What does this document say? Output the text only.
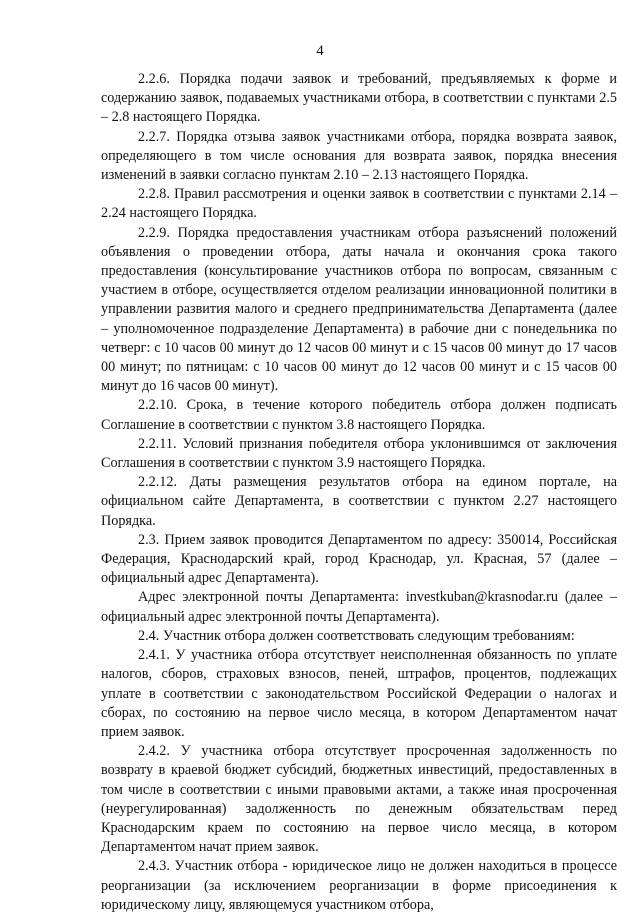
4

2.2.6. Порядка подачи заявок и требований, предъявляемых к форме и содержанию заявок, подаваемых участниками отбора, в соответствии с пунктами 2.5 – 2.8 настоящего Порядка.

2.2.7. Порядка отзыва заявок участниками отбора, порядка возврата заявок, определяющего в том числе основания для возврата заявок, порядка внесения изменений в заявки согласно пунктам 2.10 – 2.13 настоящего Порядка.

2.2.8. Правил рассмотрения и оценки заявок в соответствии с пунктами 2.14 – 2.24 настоящего Порядка.

2.2.9. Порядка предоставления участникам отбора разъяснений положений объявления о проведении отбора, даты начала и окончания срока такого предоставления (консультирование участников отбора по вопросам, связанным с участием в отборе, осуществляется отделом реализации инновационной политики в управлении развития малого и среднего предпринимательства Департамента (далее – уполномоченное подразделение Департамента) в рабочие дни с понедельника по четверг: с 10 часов 00 минут до 12 часов 00 минут и с 15 часов 00 минут до 17 часов 00 минут; по пятницам: с 10 часов 00 минут до 12 часов 00 минут и с 15 часов 00 минут до 16 часов 00 минут).

2.2.10. Срока, в течение которого победитель отбора должен подписать Соглашение в соответствии с пунктом 3.8 настоящего Порядка.

2.2.11. Условий признания победителя отбора уклонившимся от заключения Соглашения в соответствии с пунктом 3.9 настоящего Порядка.

2.2.12. Даты размещения результатов отбора на едином портале, на официальном сайте Департамента, в соответствии с пунктом 2.27 настоящего Порядка.

2.3. Прием заявок проводится Департаментом по адресу: 350014, Российская Федерация, Краснодарский край, город Краснодар, ул. Красная, 57 (далее – официальный адрес Департамента).

Адрес электронной почты Департамента: investkuban@krasnodar.ru (далее – официальный адрес электронной почты Департамента).

2.4. Участник отбора должен соответствовать следующим требованиям:

2.4.1. У участника отбора отсутствует неисполненная обязанность по уплате налогов, сборов, страховых взносов, пеней, штрафов, процентов, подлежащих уплате в соответствии с законодательством Российской Федерации о налогах и сборах, по состоянию на первое число месяца, в котором Департаментом начат прием заявок.

2.4.2. У участника отбора отсутствует просроченная задолженность по возврату в краевой бюджет субсидий, бюджетных инвестиций, предоставленных в том числе в соответствии с иными правовыми актами, а также иная просроченная (неурегулированная) задолженность по денежным обязательствам перед Краснодарским краем по состоянию на первое число месяца, в котором Департаментом начат прием заявок.

2.4.3. Участник отбора - юридическое лицо не должен находиться в процессе реорганизации (за исключением реорганизации в форме присоединения к юридическому лицу, являющемуся участником отбора,
